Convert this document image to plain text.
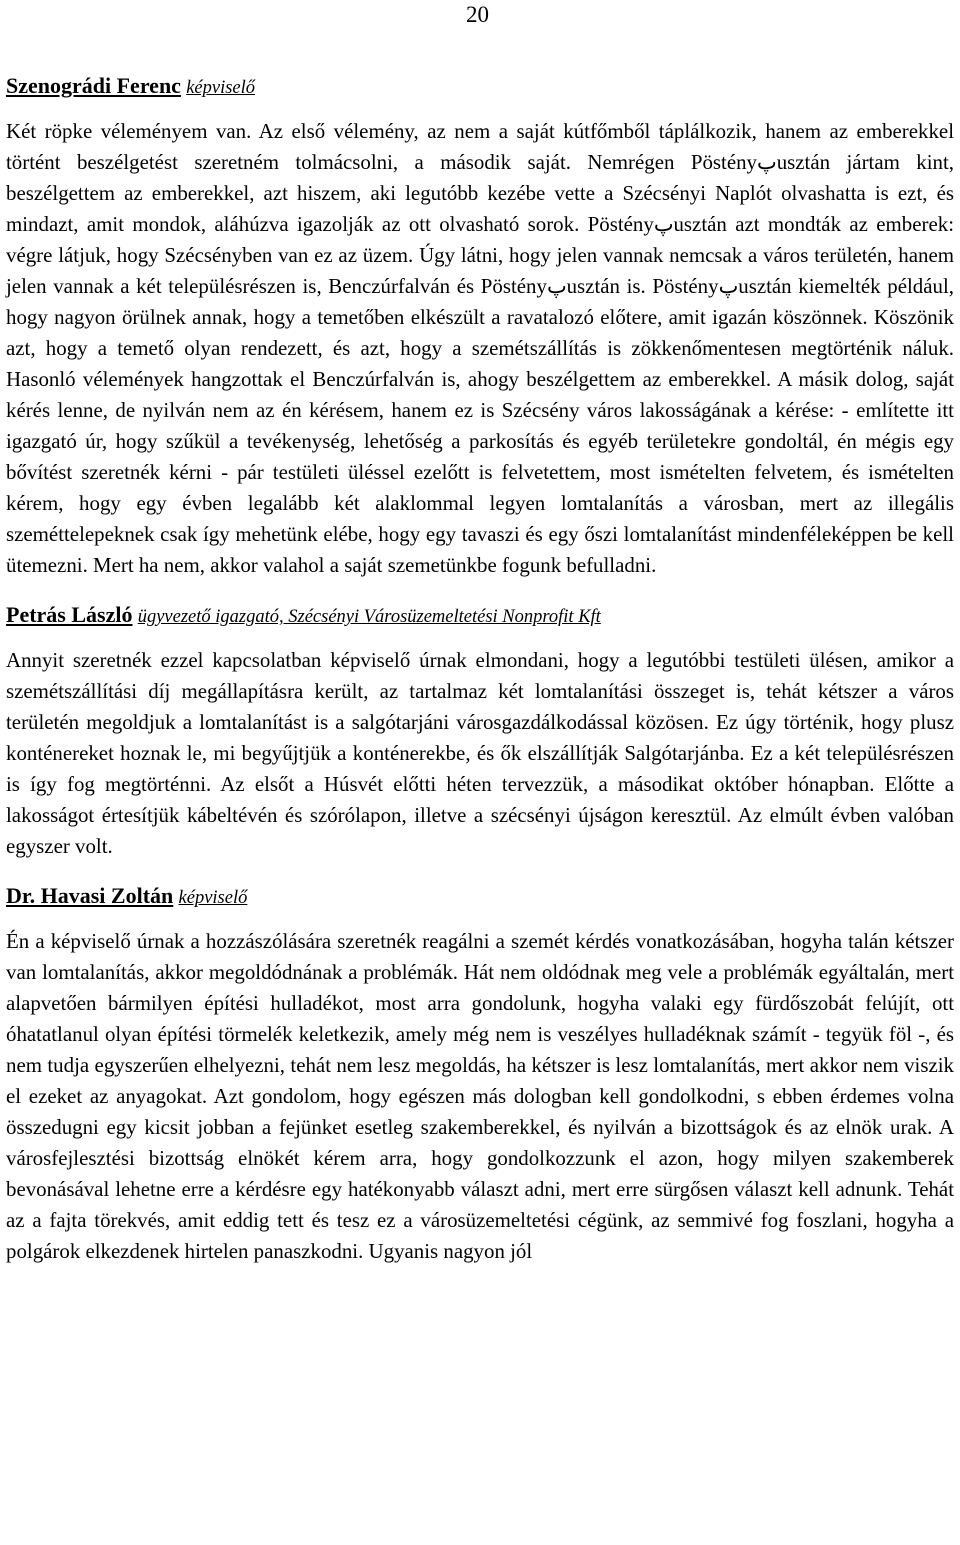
20

Szenográdi Ferenc képviselő

Két röpke véleményem van. Az első vélemény, az nem a saját kútfőmből táplálkozik, hanem az emberekkel történt beszélgetést szeretném tolmácsolni, a második saját. Nemrégen Pöstényپusztán jártam kint, beszélgettem az emberekkel, azt hiszem, aki legutóbb kezébe vette a Szécsényi Naplót olvashatta is ezt, és mindazt, amit mondok, aláhúzva igazolják az ott olvasható sorok. Pöstényپusztán azt mondták az emberek: végre látjuk, hogy Szécsényben van ez az üzem. Úgy látni, hogy jelen vannak nemcsak a város területén, hanem jelen vannak a két településrészen is, Benczúrfalván és Pöstényپusztán is. Pöstényپusztán kiemelték például, hogy nagyon örülnek annak, hogy a temetőben elkészült a ravatalozó előtere, amit igazán köszönnek. Köszönik azt, hogy a temető olyan rendezett, és azt, hogy a szemétszállítás is zökkenőmentesen megtörténik náluk. Hasonló vélemények hangzottak el Benczúrfalván is, ahogy beszélgettem az emberekkel. A másik dolog, saját kérés lenne, de nyilván nem az én kérésem, hanem ez is Szécsény város lakosságának a kérése: - említette itt igazgató úr, hogy szűkül a tevékenység, lehetőség a parkosítás és egyéb területekre gondoltál, én mégis egy bővítést szeretnék kérni - pár testületi üléssel ezelőtt is felvetettem, most ismételten felvetem, és ismételten kérem, hogy egy évben legalább két alaklommal legyen lomtalanítás a városban, mert az illegális szeméttelepeknek csak így mehetünk elébe, hogy egy tavaszi és egy őszi lomtalanítást mindenféleképpen be kell ütemezni. Mert ha nem, akkor valahol a saját szemetünkbe fogunk befulladni.

Petrás László ügyvezető igazgató, Szécsényi Városüzemeltetési Nonprofit Kft

Annyit szeretnék ezzel kapcsolatban képviselő úrnak elmondani, hogy a legutóbbi testületi ülésen, amikor a szemétszállítási díj megállapításra került, az tartalmaz két lomtalanítási összeget is, tehát kétszer a város területén megoldjuk a lomtalanítást is a salgótarjáni városgazdálkodással közösen. Ez úgy történik, hogy plusz konténereket hoznak le, mi begyűjtjük a konténerekbe, és ők elszállítják Salgótarjánba. Ez a két településrészen is így fog megtörténni. Az elsőt a Húsvét előtti héten tervezzük, a másodikat október hónapban. Előtte a lakosságot értesítjük kábeltévén és szórólapon, illetve a szécsényi újságon keresztül. Az elmúlt évben valóban egyszer volt.

Dr. Havasi Zoltán képviselő

Én a képviselő úrnak a hozzászólására szeretnék reagálni a szemét kérdés vonatkozásában, hogyha talán kétszer van lomtalanítás, akkor megoldódnának a problémák. Hát nem oldódnak meg vele a problémák egyáltalán, mert alapvetően bármilyen építési hulladékot, most arra gondolunk, hogyha valaki egy fürdőszobát felújít, ott óhatatlanul olyan építési törmelék keletkezik, amely még nem is veszélyes hulladéknak számít - tegyük föl -, és nem tudja egyszerűen elhelyezni, tehát nem lesz megoldás, ha kétszer is lesz lomtalanítás, mert akkor nem viszik el ezeket az anyagokat. Azt gondolom, hogy egészen más dologban kell gondolkodni, s ebben érdemes volna összedugni egy kicsit jobban a fejünket esetleg szakemberekkel, és nyilván a bizottságok és az elnök urak. A városfejlesztési bizottság elnökét kérem arra, hogy gondolkozzunk el azon, hogy milyen szakemberek bevonásával lehetne erre a kérdésre egy hatékonyabb választ adni, mert erre sürgősen választ kell adnunk. Tehát az a fajta törekvés, amit eddig tett és tesz ez a városüzemeltetési cégünk, az semmivé fog foszlani, hogyha a polgárok elkezdenek hirtelen panaszkodni. Ugyanis nagyon jól
